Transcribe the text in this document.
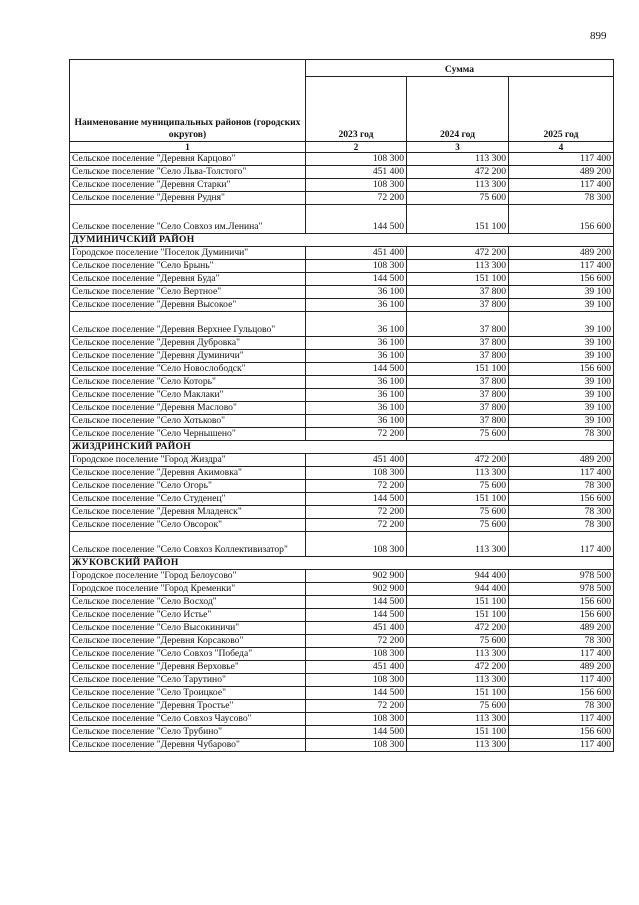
899
Наименование муниципальных районов (городских округов)	Сумма		
	2023 год	2024 год	2025 год
1	2	3	4
Сельское поселение "Деревня Карцово"	108 300	113 300	117 400
Сельское поселение "Село Льва-Толстого"	451 400	472 200	489 200
Сельское поселение "Деревня Старки"	108 300	113 300	117 400
Сельское поселение "Деревня Рудня"	72 200	75 600	78 300
Сельское поселение "Село Совхоз им.Ленина"	144 500	151 100	156 600
ДУМИНИЧСКИЙ РАЙОН			
Городское поселение "Поселок Думиничи"	451 400	472 200	489 200
Сельское поселение "Село Брынь"	108 300	113 300	117 400
Сельское поселение "Деревня Буда"	144 500	151 100	156 600
Сельское поселение "Село Вертное"	36 100	37 800	39 100
Сельское поселение "Деревня Высокое"	36 100	37 800	39 100
Сельское поселение "Деревня Верхнее Гульцово"	36 100	37 800	39 100
Сельское поселение "Деревня Дубровка"	36 100	37 800	39 100
Сельское поселение "Деревня Думиничи"	36 100	37 800	39 100
Сельское поселение "Село Новослободск"	144 500	151 100	156 600
Сельское поселение "Село Которь"	36 100	37 800	39 100
Сельское поселение "Село Маклаки"	36 100	37 800	39 100
Сельское поселение "Деревня Маслово"	36 100	37 800	39 100
Сельское поселение "Село Хотьково"	36 100	37 800	39 100
Сельское поселение "Село Чернышено"	72 200	75 600	78 300
ЖИЗДРИНСКИЙ РАЙОН			
Городское поселение "Город Жиздра"	451 400	472 200	489 200
Сельское поселение "Деревня Акимовка"	108 300	113 300	117 400
Сельское поселение "Село Огорь"	72 200	75 600	78 300
Сельское поселение "Село Студенец"	144 500	151 100	156 600
Сельское поселение "Деревня Младенск"	72 200	75 600	78 300
Сельское поселение "Село Овсорок"	72 200	75 600	78 300
Сельское поселение "Село Совхоз Коллективизатор"	108 300	113 300	117 400
ЖУКОВСКИЙ РАЙОН			
Городское поселение "Город Белоусово"	902 900	944 400	978 500
Городское поселение "Город Кременки"	902 900	944 400	978 500
Сельское поселение "Село Восход"	144 500	151 100	156 600
Сельское поселение "Село Истье"	144 500	151 100	156 600
Сельское поселение "Село Высокиничи"	451 400	472 200	489 200
Сельское поселение "Деревня Корсаково"	72 200	75 600	78 300
Сельское поселение "Село Совхоз "Победа"	108 300	113 300	117 400
Сельское поселение "Деревня Верховье"	451 400	472 200	489 200
Сельское поселение "Село Тарутино"	108 300	113 300	117 400
Сельское поселение "Село Троицкое"	144 500	151 100	156 600
Сельское поселение "Деревня Тростье"	72 200	75 600	78 300
Сельское поселение "Село Совхоз Чаусово"	108 300	113 300	117 400
Сельское поселение "Село Трубино"	144 500	151 100	156 600
Сельское поселение "Деревня Чубарово"	108 300	113 300	117 400
